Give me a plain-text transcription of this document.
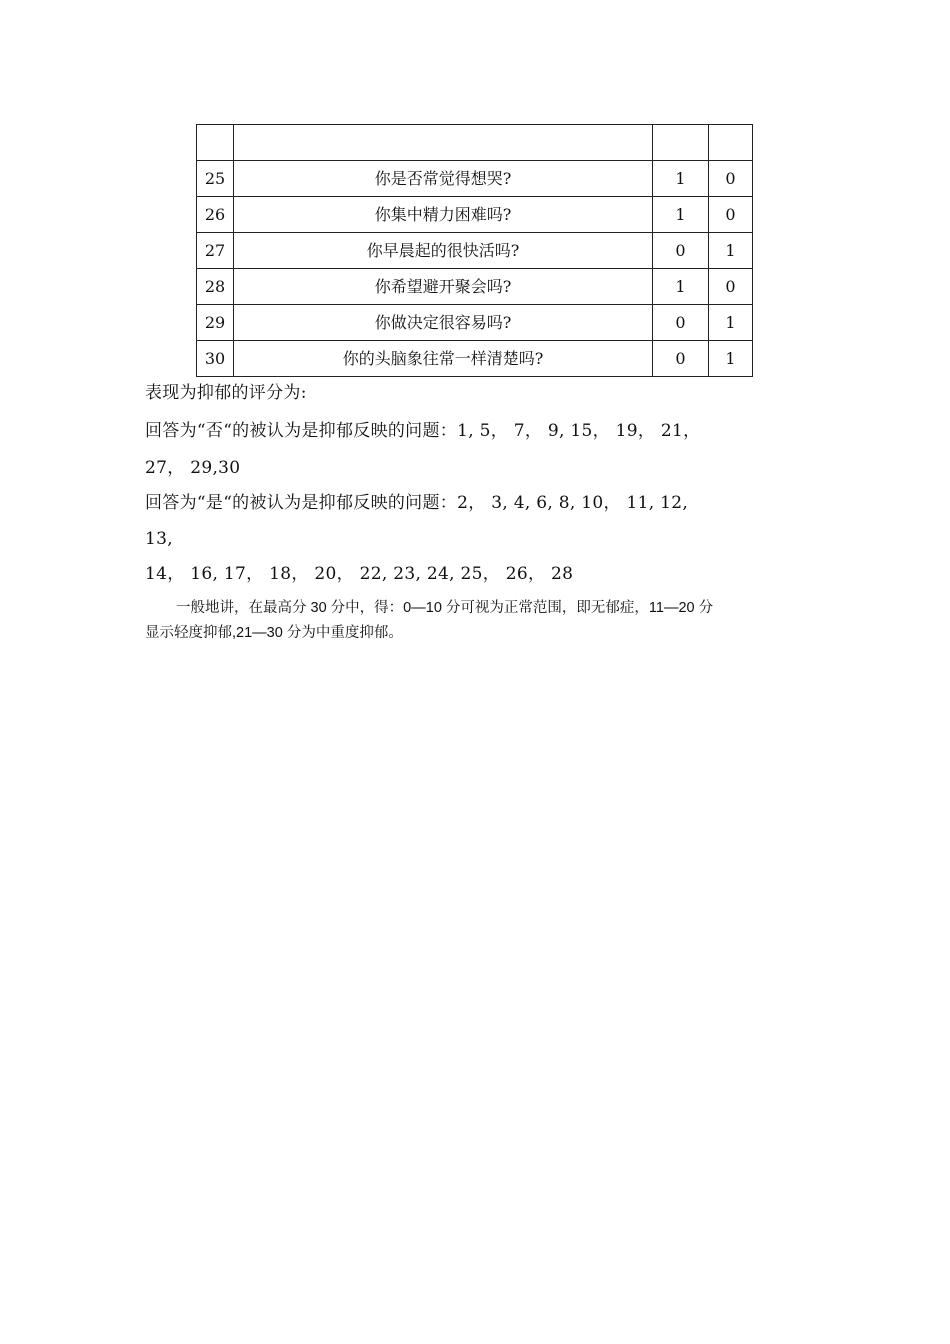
25	你是否常觉得想哭?	1	0
26	你集中精力困难吗?	1	0
27	你早晨起的很快活吗?	0	1
28	你希望避开聚会吗?	1	0
29	你做决定很容易吗?	0	1
30	你的头脑象往常一样清楚吗?	0	1
表现为抑郁的评分为:
回答为“否“的被认为是抑郁反映的问题：1, 5， 7， 9, 15， 19， 21，
27， 29,30
回答为“是“的被认为是抑郁反映的问题：2， 3, 4, 6, 8, 10， 11, 12,
13,
14， 16, 17， 18， 20， 22, 23, 24, 25， 26， 28
一般地讲，在最高分 30 分中，得：0—10 分可视为正常范围，即无郁症，11—20 分
显示轻度抑郁,21—30 分为中重度抑郁。
